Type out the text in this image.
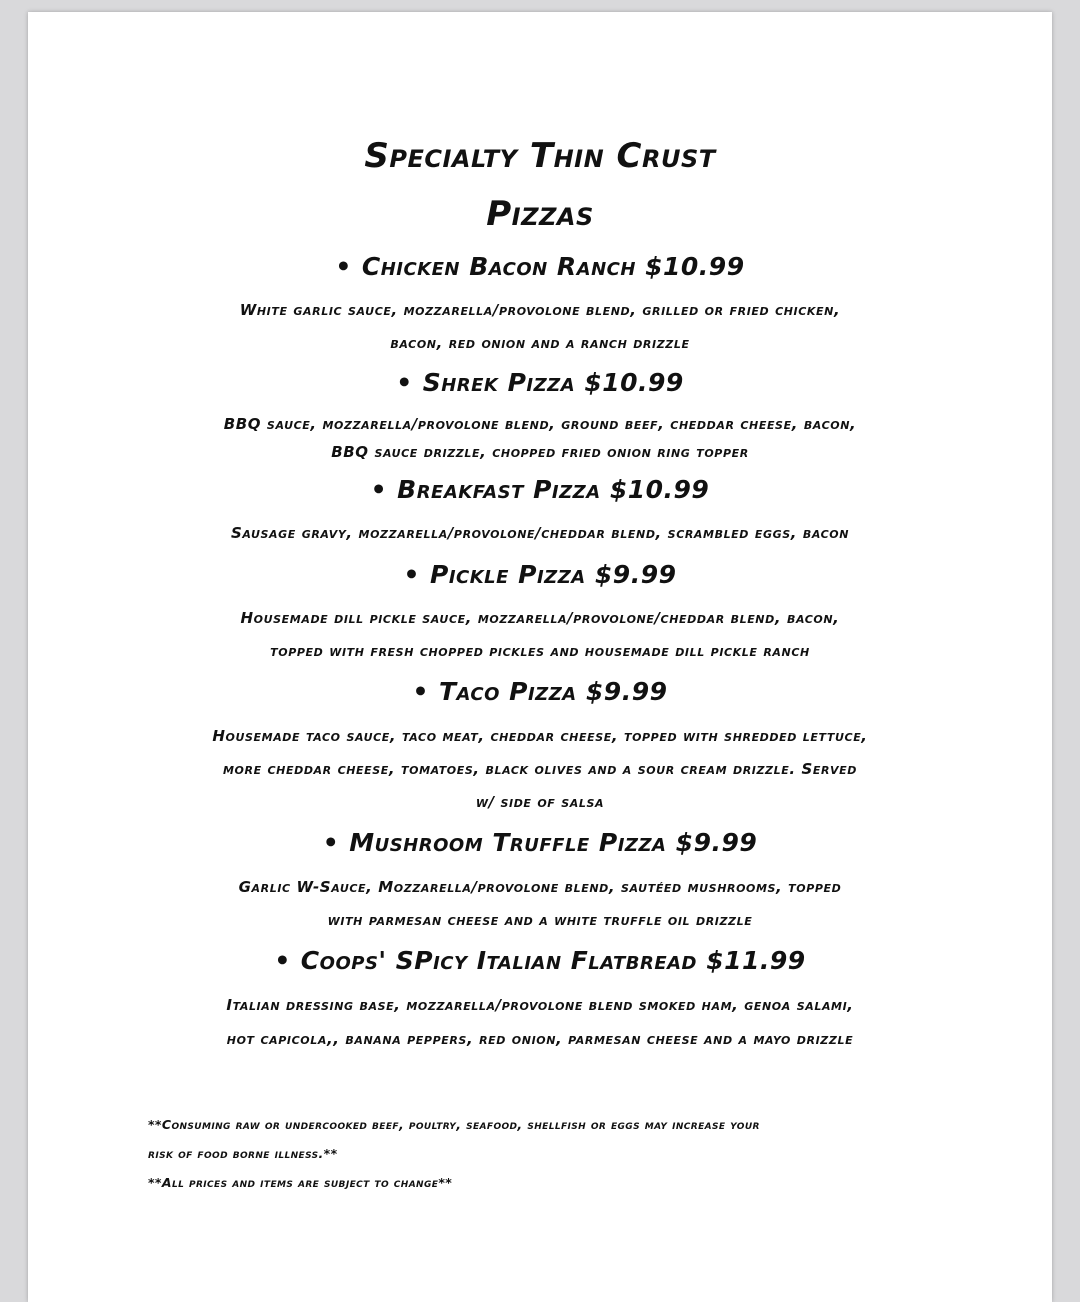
Specialty Thin Crust
Pizzas
• Chicken Bacon Ranch $10.99
White garlic sauce, mozzarella/provolone blend, grilled or fried chicken,
bacon, red onion and a ranch drizzle
• Shrek Pizza $10.99
BBQ sauce, mozzarella/provolone blend, ground beef, cheddar cheese, bacon,
BBQ sauce drizzle, chopped fried onion ring topper
• Breakfast Pizza $10.99
Sausage gravy, mozzarella/provolone/cheddar blend, scrambled eggs, bacon
• Pickle Pizza $9.99
Housemade dill pickle sauce, mozzarella/provolone/cheddar blend, bacon,
topped with fresh chopped pickles and housemade dill pickle ranch
• Taco Pizza $9.99
Housemade taco sauce, taco meat, cheddar cheese, topped with shredded lettuce,
more cheddar cheese, tomatoes, black olives and a sour cream drizzle. Served
w/ side of salsa
• Mushroom Truffle Pizza $9.99
Garlic W-Sauce, Mozzarella/provolone blend, sautéed mushrooms, topped
with parmesan cheese and a white truffle oil drizzle
• Coops' SPicy Italian Flatbread $11.99
Italian dressing base, mozzarella/provolone blend smoked ham, genoa salami,
hot capicola,, banana peppers, red onion, parmesan cheese and a mayo drizzle
**Consuming raw or undercooked beef, poultry, seafood, shellfish or eggs may increase your
risk of food borne illness.**
**All prices and items are subject to change**
